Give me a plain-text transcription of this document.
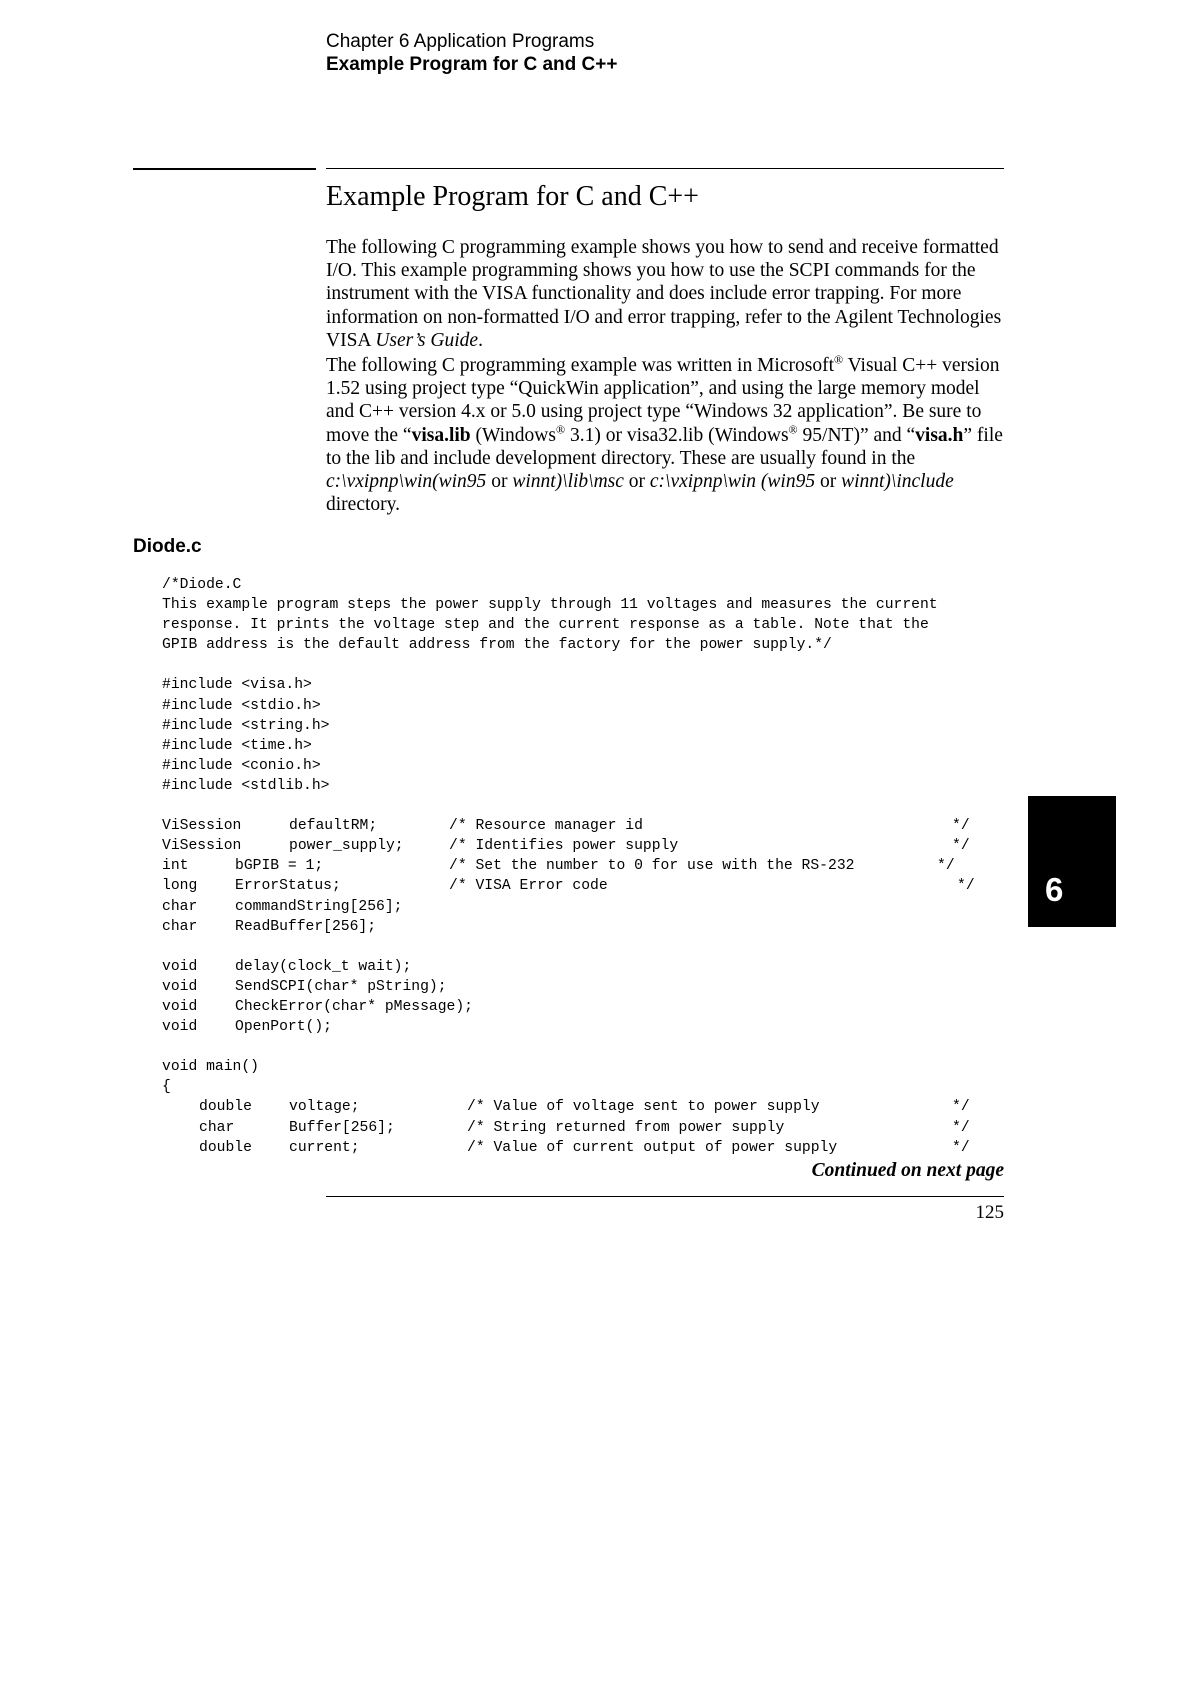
Chapter 6 Application Programs
Example Program for C and C++
Example Program for C and C++

The following C programming example shows you how to send and receive formatted I/O. This example programming shows you how to use the SCPI commands for the instrument with the VISA functionality and does include error trapping. For more information on non-formatted I/O and error trapping, refer to the Agilent Technologies VISA User’s Guide.

The following C programming example was written in Microsoft® Visual C++ version 1.52 using project type “QuickWin application”, and using the large memory model and C++ version 4.x or 5.0 using project type “Windows 32 application”. Be sure to move the “visa.lib (Windows® 3.1) or visa32.lib (Windows® 95/NT)” and “visa.h” file to the lib and include development directory. These are usually found in the c:\vxipnp\win(win95 or winnt)\lib\msc or c:\vxipnp\win (win95 or winnt)\include directory.

Diode.c
/*Diode.C
This example program steps the power supply through 11 voltages and measures the current
response. It prints the voltage step and the current response as a table. Note that the
GPIB address is the default address from the factory for the power supply.*/
#include <visa.h>
#include <stdio.h>
#include <string.h>
#include <time.h>
#include <conio.h>
#include <stdlib.h>
ViSession	defaultRM;	/* Resource manager id	*/
ViSession	power_supply;	/* Identifies power supply	*/
int	bGPIB = 1;	/* Set the number to 0 for use with the RS-232	*/
long	ErrorStatus;	/* VISA Error code	*/
char	commandString[256];
char	ReadBuffer[256];
void	delay(clock_t wait);
void	SendSCPI(char* pString);
void	CheckError(char* pMessage);
void	OpenPort();
void main()
{
double	voltage;	/* Value of voltage sent to power supply	*/
char	Buffer[256];	/* String returned from power supply	*/
double	current;	/* Value of current output of power supply	*/
Continued on next page
125
6
